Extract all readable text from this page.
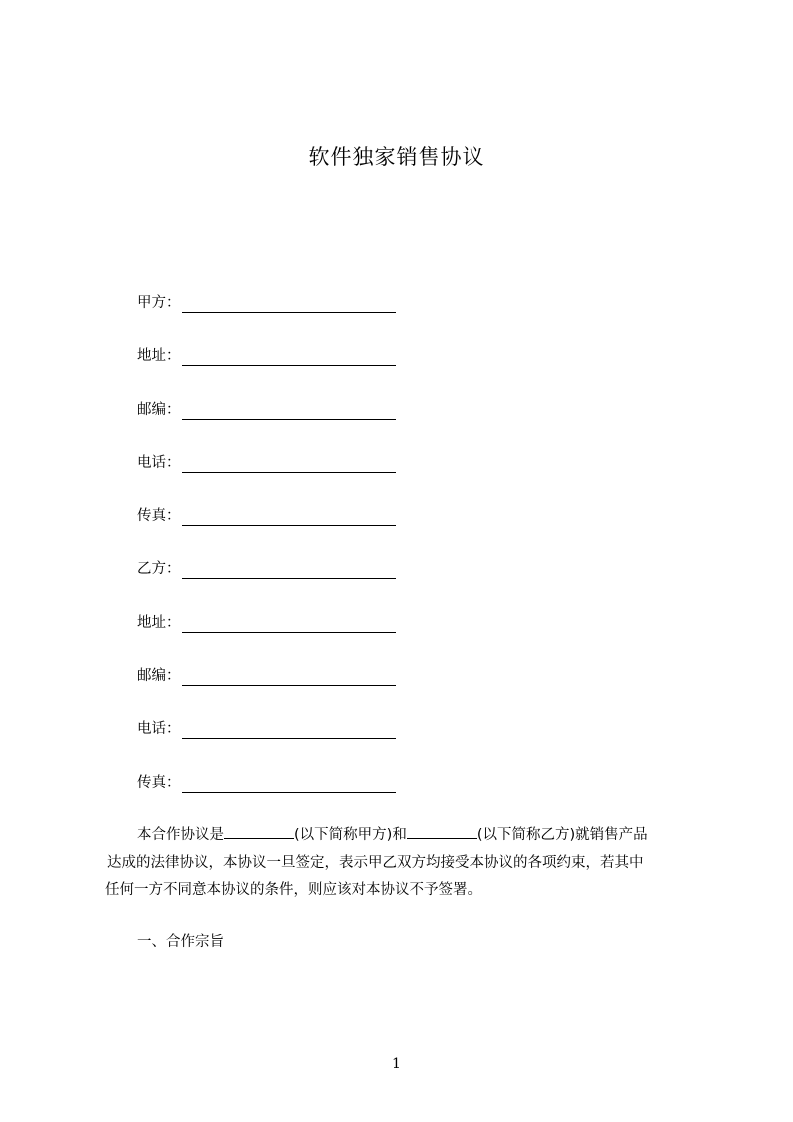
软件独家销售协议
甲方：
地址：
邮编：
电话：
传真：
乙方：
地址：
邮编：
电话：
传真：
本合作协议是	(以下简称甲方)和	(以下简称乙方)就销售产品
达成的法律协议，本协议一旦签定，表示甲乙双方均接受本协议的各项约束，若其中
任何一方不同意本协议的条件，则应该对本协议不予签署。
一、合作宗旨
1
